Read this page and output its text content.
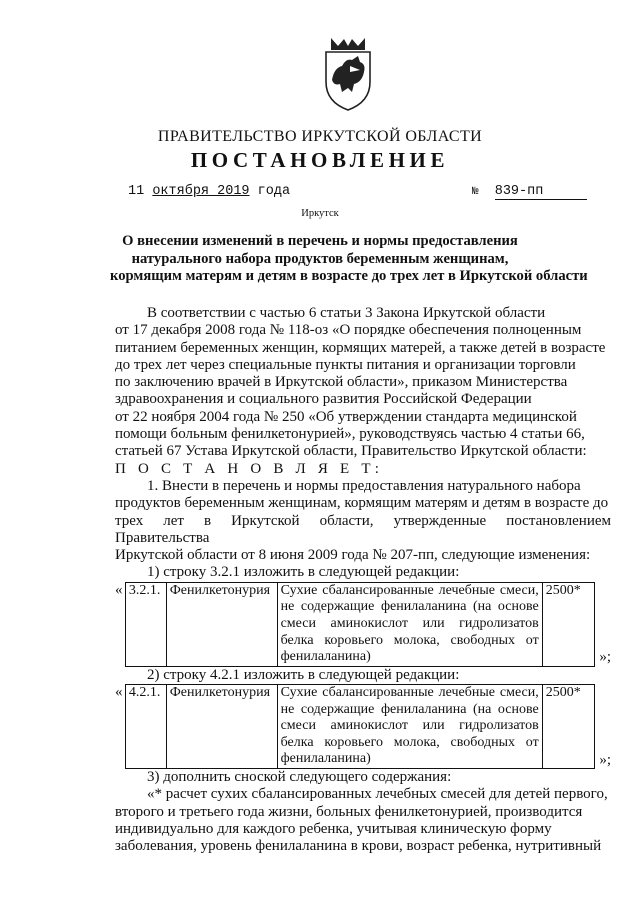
ПРАВИТЕЛЬСТВО ИРКУТСКОЙ ОБЛАСТИ
ПОСТАНОВЛЕНИЕ
11 октября 2019 года	№ 839-пп
Иркутск
О внесении изменений в перечень и нормы предоставления
натурального набора продуктов беременным женщинам,
кормящим матерям и детям в возрасте до трех лет в Иркутской области

В соответствии с частью 6 статьи 3 Закона Иркутской области

от 17 декабря 2008 года № 118-оз «О порядке обеспечения полноценным

питанием беременных женщин, кормящих матерей, а также детей в возрасте

до трех лет через специальные пункты питания и организации торговли

по заключению врачей в Иркутской области», приказом Министерства

здравоохранения и социального развития Российской Федерации

от 22 ноября 2004 года № 250 «Об утверждении стандарта медицинской

помощи больным фенилкетонурией», руководствуясь частью 4 статьи 66,

статьей 67 Устава Иркутской области, Правительство Иркутской области:

П О С Т А Н О В Л Я Е Т:

1. Внести в перечень и нормы предоставления натурального набора

продуктов беременным женщинам, кормящим матерям и детям в возрасте до

трех лет в Иркутской области, утвержденные постановлением Правительства

Иркутской области от 8 июня 2009 года № 207-пп, следующие изменения:

1) строку 3.2.1 изложить в следующей редакции:

« 3.2.1.	Фенилкетонурия	Сухие сбалансированные лечебные смеси, не содержащие фенилаланина (на основе смеси аминокислот или гидролизатов белка коровьего молока, свободных от фенилаланина)	2500*
»;

2) строку 4.2.1 изложить в следующей редакции:

« 4.2.1.	Фенилкетонурия	Сухие сбалансированные лечебные смеси, не содержащие фенилаланина (на основе смеси аминокислот или гидролизатов белка коровьего молока, свободных от фенилаланина)	2500*
»;

3) дополнить сноской следующего содержания:

«* расчет сухих сбалансированных лечебных смесей для детей первого,

второго и третьего года жизни, больных фенилкетонурией, производится

индивидуально для каждого ребенка, учитывая клиническую форму

заболевания, уровень фенилаланина в крови, возраст ребенка, нутритивный
